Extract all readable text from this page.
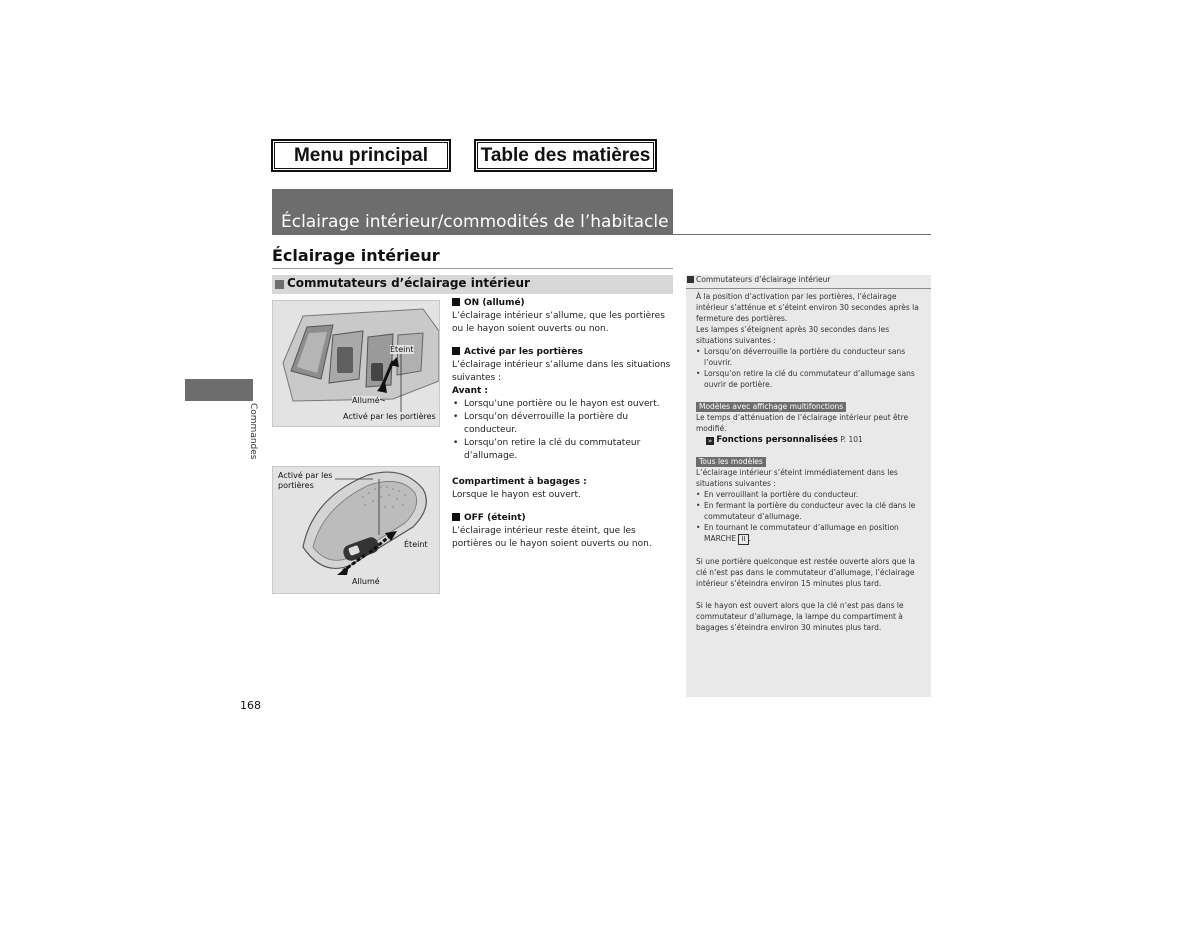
Menu principal	Table des matières
Éclairage intérieur/commodités de l’habitacle
Éclairage intérieur
Commutateurs d’éclairage intérieur
Commandes
Éteint
Allumé
Activé par les portières
Activé par les
portières
Éteint
Allumé
ON (allumé)

L’éclairage intérieur s’allume, que les portières ou le hayon soient ouverts ou non.

Activé par les portières

L’éclairage intérieur s’allume dans les situations suivantes :

Avant :

• Lorsqu’une portière ou le hayon est ouvert.
• Lorsqu’on déverrouille la portière du conducteur.
• Lorsqu’on retire la clé du commutateur d’allumage.

Compartiment à bagages :

Lorsque le hayon est ouvert.

OFF (éteint)

L’éclairage intérieur reste éteint, que les portières ou le hayon soient ouverts ou non.

Commutateurs d’éclairage intérieur

À la position d’activation par les portières, l’éclairage intérieur s’atténue et s’éteint environ 30 secondes après la fermeture des portières.

Les lampes s’éteignent après 30 secondes dans les situations suivantes :

• Lorsqu’on déverrouille la portière du conducteur sans l’ouvrir.
• Lorsqu’on retire la clé du commutateur d’allumage sans ouvrir de portière.
Modèles avec affichage multifonctions

Le temps d’atténuation de l’éclairage intérieur peut être modifié.

» Fonctions personnalisées P. 101

Tous les modèles

L’éclairage intérieur s’éteint immédiatement dans les situations suivantes :

• En verrouillant la portière du conducteur.
• En fermant la portière du conducteur avec la clé dans le commutateur d’allumage.
• En tournant le commutateur d’allumage en position
MARCHE II .

Si une portière quelconque est restée ouverte alors que la clé n’est pas dans le commutateur d’allumage, l’éclairage intérieur s’éteindra environ 15 minutes plus tard.

Si le hayon est ouvert alors que la clé n’est pas dans le commutateur d’allumage, la lampe du compartiment à bagages s’éteindra environ 30 minutes plus tard.

168
